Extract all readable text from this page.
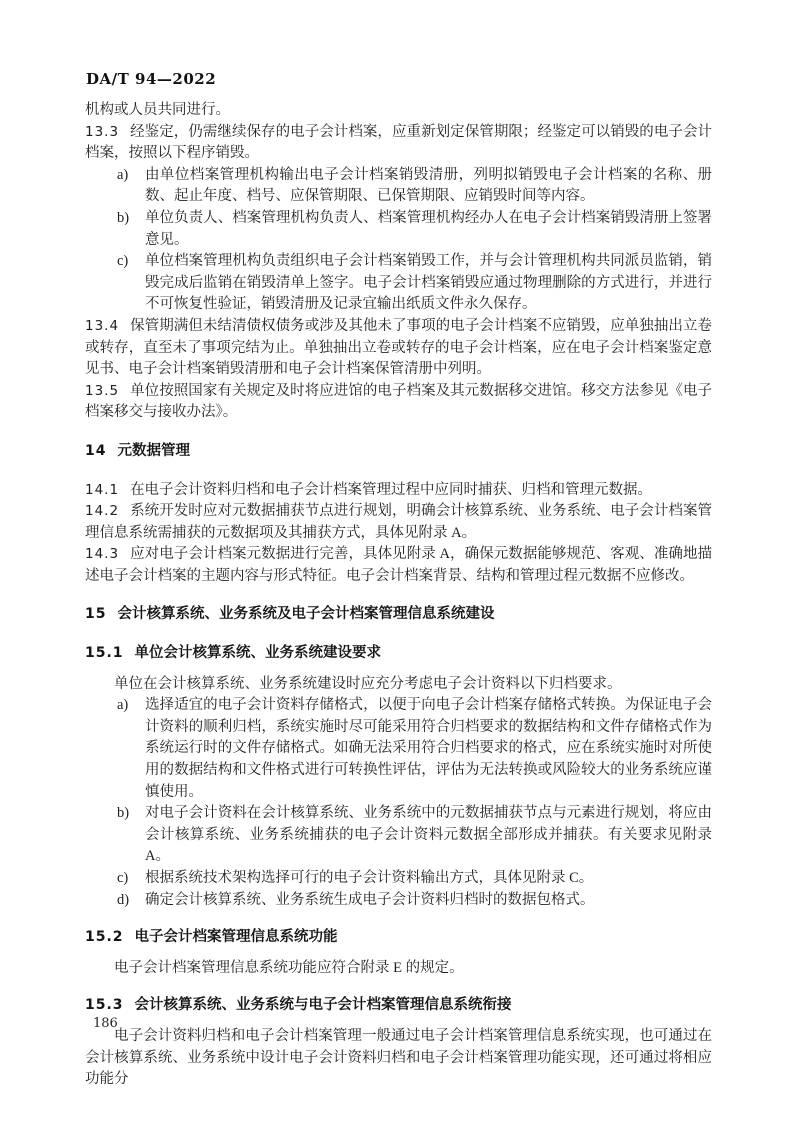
DA/T 94—2022

机构或人员共同进行。

13.3 经鉴定，仍需继续保存的电子会计档案，应重新划定保管期限；经鉴定可以销毁的电子会计档案，按照以下程序销毁。

a)	由单位档案管理机构输出电子会计档案销毁清册，列明拟销毁电子会计档案的名称、册数、起止年度、档号、应保管期限、已保管期限、应销毁时间等内容。
b)	单位负责人、档案管理机构负责人、档案管理机构经办人在电子会计档案销毁清册上签署意见。
c)	单位档案管理机构负责组织电子会计档案销毁工作，并与会计管理机构共同派员监销，销毁完成后监销在销毁清单上签字。电子会计档案销毁应通过物理删除的方式进行，并进行不可恢复性验证，销毁清册及记录宜输出纸质文件永久保存。

13.4 保管期满但未结清债权债务或涉及其他未了事项的电子会计档案不应销毁，应单独抽出立卷或转存，直至未了事项完结为止。单独抽出立卷或转存的电子会计档案，应在电子会计档案鉴定意见书、电子会计档案销毁清册和电子会计档案保管清册中列明。

13.5 单位按照国家有关规定及时将应进馆的电子档案及其元数据移交进馆。移交方法参见《电子档案移交与接收办法》。

14 元数据管理

14.1 在电子会计资料归档和电子会计档案管理过程中应同时捕获、归档和管理元数据。

14.2 系统开发时应对元数据捕获节点进行规划，明确会计核算系统、业务系统、电子会计档案管理信息系统需捕获的元数据项及其捕获方式，具体见附录 A。

14.3 应对电子会计档案元数据进行完善，具体见附录 A，确保元数据能够规范、客观、准确地描述电子会计档案的主题内容与形式特征。电子会计档案背景、结构和管理过程元数据不应修改。

15 会计核算系统、业务系统及电子会计档案管理信息系统建设
15.1 单位会计核算系统、业务系统建设要求

单位在会计核算系统、业务系统建设时应充分考虑电子会计资料以下归档要求。

a)	选择适宜的电子会计资料存储格式，以便于向电子会计档案存储格式转换。为保证电子会计资料的顺利归档，系统实施时尽可能采用符合归档要求的数据结构和文件存储格式作为系统运行时的文件存储格式。如确无法采用符合归档要求的格式，应在系统实施时对所使用的数据结构和文件格式进行可转换性评估，评估为无法转换或风险较大的业务系统应谨慎使用。
b)	对电子会计资料在会计核算系统、业务系统中的元数据捕获节点与元素进行规划，将应由会计核算系统、业务系统捕获的电子会计资料元数据全部形成并捕获。有关要求见附录 A。
c)	根据系统技术架构选择可行的电子会计资料输出方式，具体见附录 C。
d)	确定会计核算系统、业务系统生成电子会计资料归档时的数据包格式。
15.2 电子会计档案管理信息系统功能

电子会计档案管理信息系统功能应符合附录 E 的规定。

15.3 会计核算系统、业务系统与电子会计档案管理信息系统衔接

电子会计资料归档和电子会计档案管理一般通过电子会计档案管理信息系统实现，也可通过在会计核算系统、业务系统中设计电子会计资料归档和电子会计档案管理功能实现，还可通过将相应功能分

186
